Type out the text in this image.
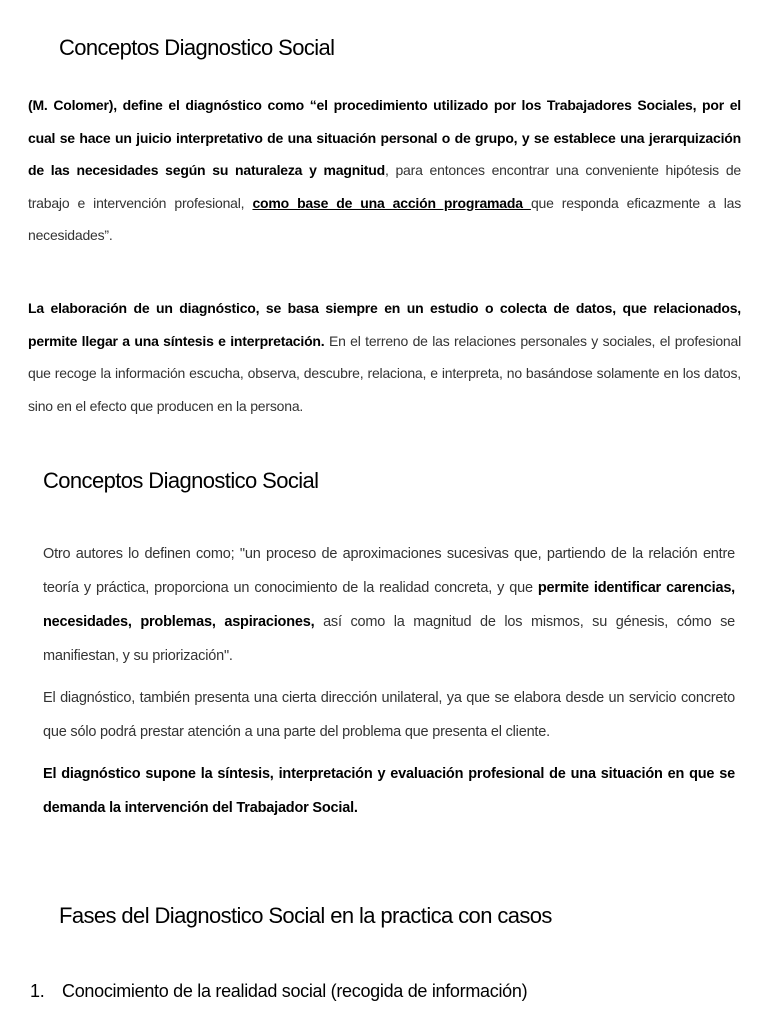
Conceptos Diagnostico Social

(M. Colomer), define el diagnóstico como “el procedimiento utilizado por los Trabajadores Sociales, por el cual se hace un juicio interpretativo de una situación personal o de grupo, y se establece una jerarquización de las necesidades según su naturaleza y magnitud, para entonces encontrar una conveniente hipótesis de trabajo e intervención profesional, como base de una acción programada que responda eficazmente a las necesidades”.

La elaboración de un diagnóstico, se basa siempre en un estudio o colecta de datos, que relacionados, permite llegar a una síntesis e interpretación. En el terreno de las relaciones personales y sociales, el profesional que recoge la información escucha, observa, descubre, relaciona, e interpreta, no basándose solamente en los datos, sino en el efecto que producen en la persona.

Conceptos Diagnostico Social

Otro autores lo definen como; "un proceso de aproximaciones sucesivas que, partiendo de la relación entre teoría y práctica, proporciona un conocimiento de la realidad concreta, y que permite identificar carencias, necesidades, problemas, aspiraciones, así como la magnitud de los mismos, su génesis, cómo se manifiestan, y su priorización".

El diagnóstico, también presenta una cierta dirección unilateral, ya que se elabora desde un servicio concreto que sólo podrá prestar atención a una parte del problema que presenta el cliente.

El diagnóstico supone la síntesis, interpretación y evaluación profesional de una situación en que se demanda la intervención del Trabajador Social.

Fases del Diagnostico Social en la practica con casos
1. Conocimiento de la realidad social (recogida de información)
